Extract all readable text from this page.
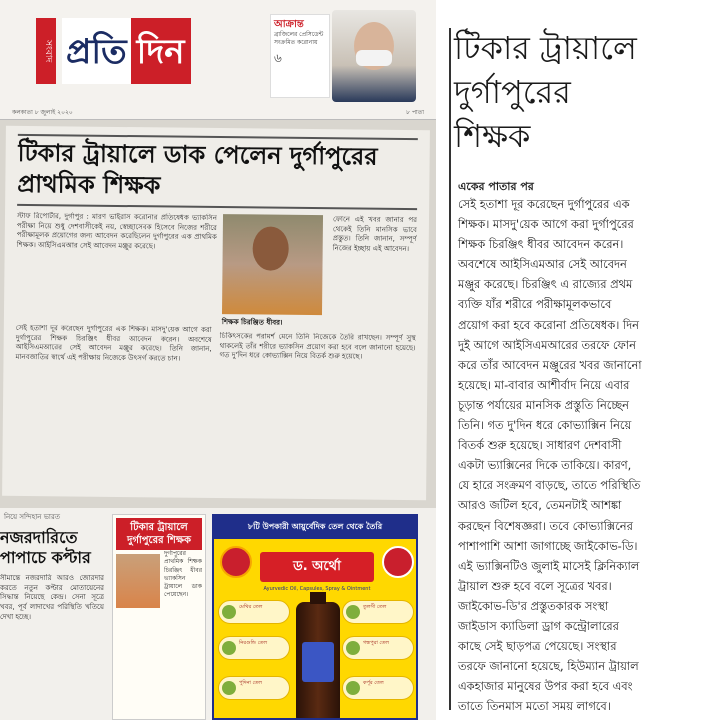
সংবাদ প্রতি দিন
আক্রান্ত
ব্রাজিলের প্রেসিডেন্ট সংক্রমিত করোনায়
৬
কলকাতা ৮ জুলাই ২০২০	৮ পাতা
টিকার ট্রায়ালে ডাক পেলেন দুর্গাপুরের প্রাথমিক শিক্ষক
স্টাফ রিপোর্টার, দুর্গাপুর : মারণ ভাইরাস করোনার প্রতিষেধক ভ্যাকসিন পরীক্ষা নিয়ে শুধু দেশবাসীকেই নয়, স্বেচ্ছাসেবক হিসেবে নিজের শরীরে পরীক্ষামূলক প্রয়োগের জন্য আবেদন করেছিলেন দুর্গাপুরের এক প্রাথমিক শিক্ষক। আইসিএমআর সেই আবেদন মঞ্জুর করেছে।
শিক্ষক চিরঞ্জিত ধীবর।
ফোনে এই খবর জানার পর থেকেই তিনি মানসিক ভাবে প্রস্তুত। তিনি জানান, সম্পূর্ণ নিজের ইচ্ছায় এই আবেদন।
সেই হতাশা দূর করেছেন দুর্গাপুরের এক শিক্ষক। মাসদু'য়েক আগে করা দুর্গাপুরের শিক্ষক চিরঞ্জিৎ ধীবর আবেদন করেন। অবশেষে আইসিএমআরের সেই আবেদন মঞ্জুর করেছে। তিনি জানান, মানবজাতির স্বার্থে এই পরীক্ষায় নিজেকে উৎসর্গ করতে চান।
চিকিৎসকের পরামর্শ মেনে তিনি নিজেকে তৈরি রাখছেন। সম্পূর্ণ সুস্থ থাকলেই তাঁর শরীরে ভ্যাকসিন প্রয়োগ করা হবে বলে জানানো হয়েছে। গত দু'দিন ধরে কোভ্যাক্সিন নিয়ে বিতর্ক শুরু হয়েছে।
নিয়ে সন্দিহান ভারত
নজরদারিতে পাপাচে কপ্টার
সীমান্তে নজরদারি আরও জোরদার করতে নতুন কপ্টার মোতায়েনের সিদ্ধান্ত নিয়েছে কেন্দ্র। সেনা সূত্রে খবর, পূর্ব লাদাখের পরিস্থিতি খতিয়ে দেখা হচ্ছে।
টিকার ট্রায়ালে দুর্গাপুরের শিক্ষক
দুর্গাপুরের প্রাথমিক শিক্ষক চিরঞ্জিৎ ধীবর ভ্যাকসিন ট্রায়ালে ডাক পেয়েছেন।
৮টি উপকারী আয়ুর্বেদিক তেল থেকে তৈরি
ড. অর্থো
Ayurvedic Oil, Capsules, Spray & Ointment
মেথির তেল	তুলসী তেল
নিরগুন্ডি তেল	গন্ধপুরা তেল
পুদিনা তেল	কর্পূর তেল
টিকার ট্রায়ালে
দুর্গাপুরের
শিক্ষক
একের পাতার পর
সেই হতাশা দূর করেছেন দুর্গাপুরের এক
শিক্ষক। মাসদু'য়েক আগে করা দুর্গাপুরের
শিক্ষক চিরঞ্জিৎ ধীবর আবেদন করেন।
অবশেষে আইসিএমআর সেই আবেদন
মঞ্জুর করেছে। চিরঞ্জিৎ এ রাজ্যের প্রথম
ব্যক্তি যাঁর শরীরে পরীক্ষামূলকভাবে
প্রয়োগ করা হবে করোনা প্রতিষেধক। দিন
দুই আগে আইসিএমআরের তরফে ফোন
করে তাঁর আবেদন মঞ্জুরের খবর জানানো
হয়েছে। মা-বাবার আশীর্বাদ নিয়ে এবার
চূড়ান্ত পর্যায়ের মানসিক প্রস্তুতি নিচ্ছেন
তিনি। গত দু'দিন ধরে কোভ্যাক্সিন নিয়ে
বিতর্ক শুরু হয়েছে। সাধারণ দেশবাসী
একটা ভ্যাক্সিনের দিকে তাকিয়ে। কারণ,
যে হারে সংক্রমণ বাড়ছে, তাতে পরিস্থিতি
আরও জটিল হবে, তেমনটাই আশঙ্কা
করছেন বিশেষজ্ঞরা। তবে কোভ্যাক্সিনের
পাশাপাশি আশা জাগাচ্ছে জাইকোভ-ডি।
এই ভ্যাক্সিনটিও জুলাই মাসেই ক্লিনিক্যাল
ট্রায়াল শুরু হবে বলে সূত্রের খবর।
জাইকোভ-ডি'র প্রস্তুতকারক সংস্থা
জাইডাস ক্যাডিলা ড্রাগ কন্ট্রোলারের
কাছে সেই ছাড়পত্র পেয়েছে। সংস্থার
তরফে জানানো হয়েছে, হিউম্যান ট্রায়াল
একহাজার মানুষের উপর করা হবে এবং
তাতে তিনমাস মতো সময় লাগবে।
